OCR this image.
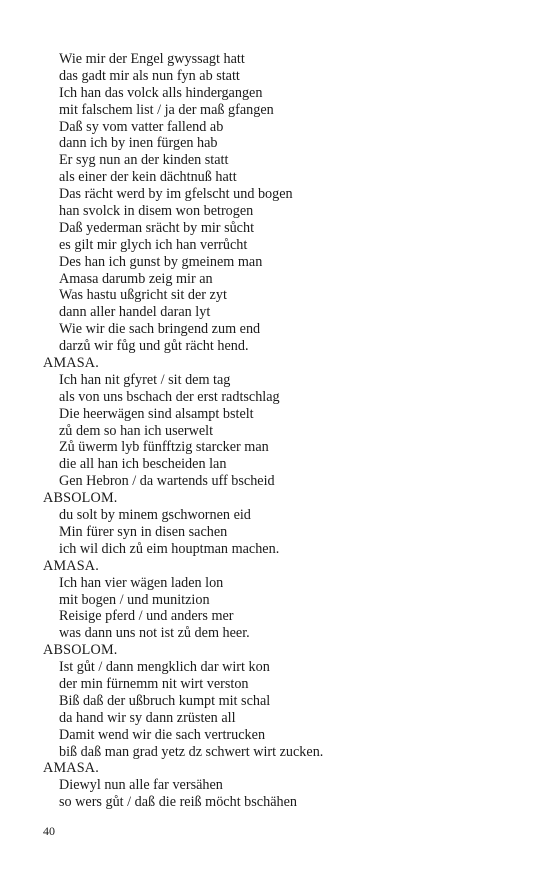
Wie mir der Engel gwyssagt hatt
das gadt mir als nun fyn ab statt
Ich han das volck alls hindergangen
mit falschem list / ja der maß gfangen
Daß sy vom vatter fallend ab
dann ich by inen fürgen hab
Er syg nun an der kinden statt
als einer der kein dächtnuß hatt
Das rächt werd by im gfelscht und bogen
han svolck in disem won betrogen
Daß yederman srächt by mir sůcht
es gilt mir glych ich han verrůcht
Des han ich gunst by gmeinem man
Amasa darumb zeig mir an
Was hastu ußgricht sit der zyt
dann aller handel daran lyt
Wie wir die sach bringend zum end
darzů wir fůg und gůt rächt hend.
AMASA.
Ich han nit gfyret / sit dem tag
als von uns bschach der erst radtschlag
Die heerwägen sind alsampt bstelt
zů dem so han ich userwelt
Zů üwerm lyb fünfftzig starcker man
die all han ich bescheiden lan
Gen Hebron / da wartends uff bscheid
ABSOLOM.
du solt by minem gschwornen eid
Min fürer syn in disen sachen
ich wil dich zů eim houptman machen.
AMASA.
Ich han vier wägen laden lon
mit bogen / und munitzion
Reisige pferd / und anders mer
was dann uns not ist zů dem heer.
ABSOLOM.
Ist gůt / dann mengklich dar wirt kon
der min fürnemm nit wirt verston
Biß daß der ußbruch kumpt mit schal
da hand wir sy dann zrüsten all
Damit wend wir die sach vertrucken
biß daß man grad yetz dz schwert wirt zucken.
AMASA.
Diewyl nun alle far versähen
so wers gůt / daß die reiß möcht bschähen
40
